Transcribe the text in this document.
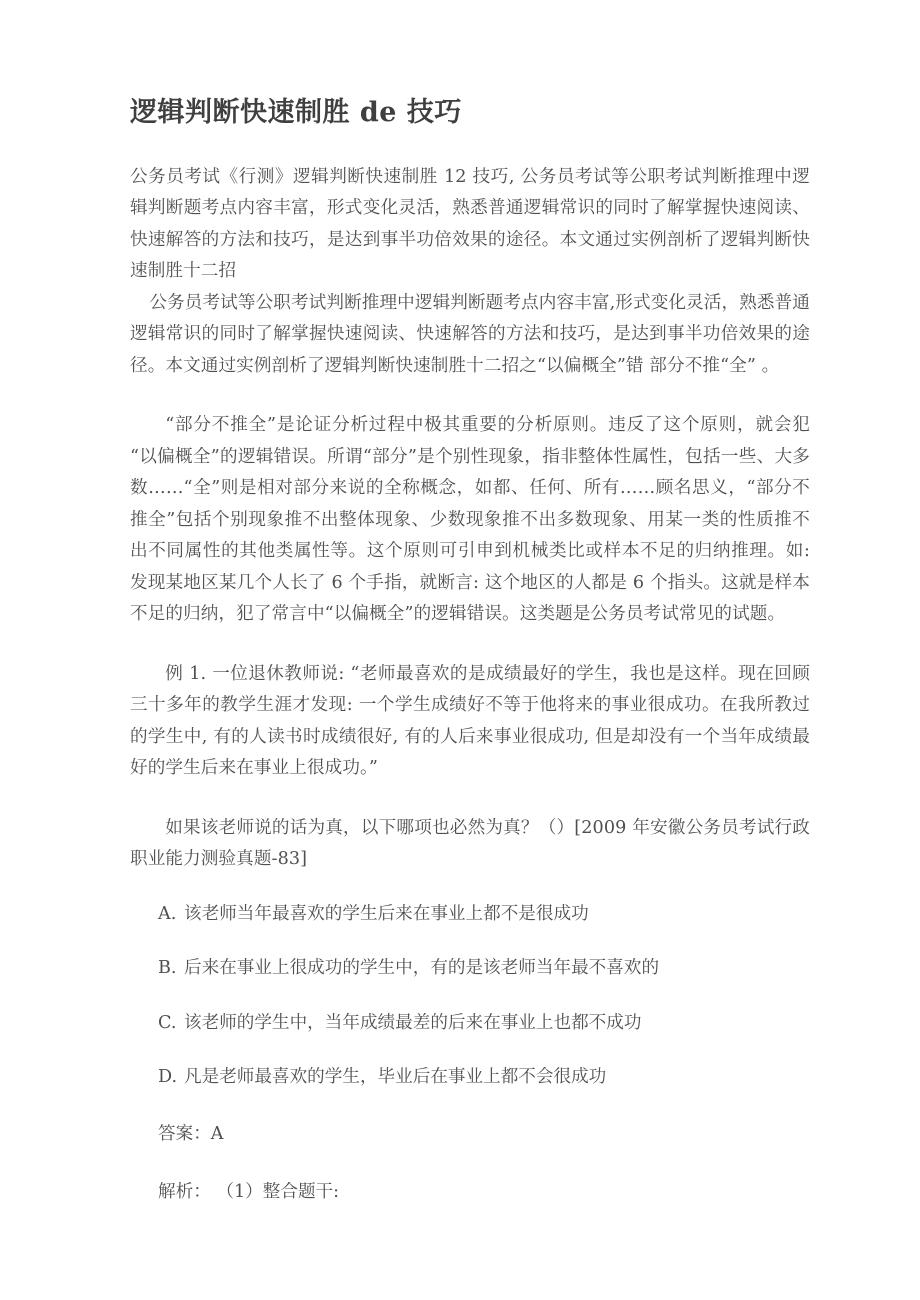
逻辑判断快速制胜 de 技巧

公务员考试《行测》逻辑判断快速制胜 12 技巧, 公务员考试等公职考试判断推理中逻辑判断题考点内容丰富，形式变化灵活，熟悉普通逻辑常识的同时了解掌握快速阅读、快速解答的方法和技巧，是达到事半功倍效果的途径。本文通过实例剖析了逻辑判断快速制胜十二招

公务员考试等公职考试判断推理中逻辑判断题考点内容丰富,形式变化灵活，熟悉普通逻辑常识的同时了解掌握快速阅读、快速解答的方法和技巧，是达到事半功倍效果的途径。本文通过实例剖析了逻辑判断快速制胜十二招之“以偏概全”错 部分不推“全” 。

“部分不推全”是论证分析过程中极其重要的分析原则。违反了这个原则，就会犯“以偏概全”的逻辑错误。所谓“部分”是个别性现象，指非整体性属性，包括一些、大多数……“全”则是相对部分来说的全称概念，如都、任何、所有……顾名思义，“部分不推全”包括个别现象推不出整体现象、少数现象推不出多数现象、用某一类的性质推不出不同属性的其他类属性等。这个原则可引申到机械类比或样本不足的归纳推理。如: 发现某地区某几个人长了 6 个手指，就断言: 这个地区的人都是 6 个指头。这就是样本不足的归纳，犯了常言中“以偏概全”的逻辑错误。这类题是公务员考试常见的试题。

例 1. 一位退休教师说: “老师最喜欢的是成绩最好的学生，我也是这样。现在回顾三十多年的教学生涯才发现: 一个学生成绩好不等于他将来的事业很成功。在我所教过的学生中, 有的人读书时成绩很好, 有的人后来事业很成功, 但是却没有一个当年成绩最好的学生后来在事业上很成功。”

如果该老师说的话为真，以下哪项也必然为真？（）[2009 年安徽公务员考试行政职业能力测验真题-83]

A. 该老师当年最喜欢的学生后来在事业上都不是很成功

B. 后来在事业上很成功的学生中，有的是该老师当年最不喜欢的

C. 该老师的学生中，当年成绩最差的后来在事业上也都不成功

D. 凡是老师最喜欢的学生，毕业后在事业上都不会很成功

答案：A

解析： （1）整合题干:
